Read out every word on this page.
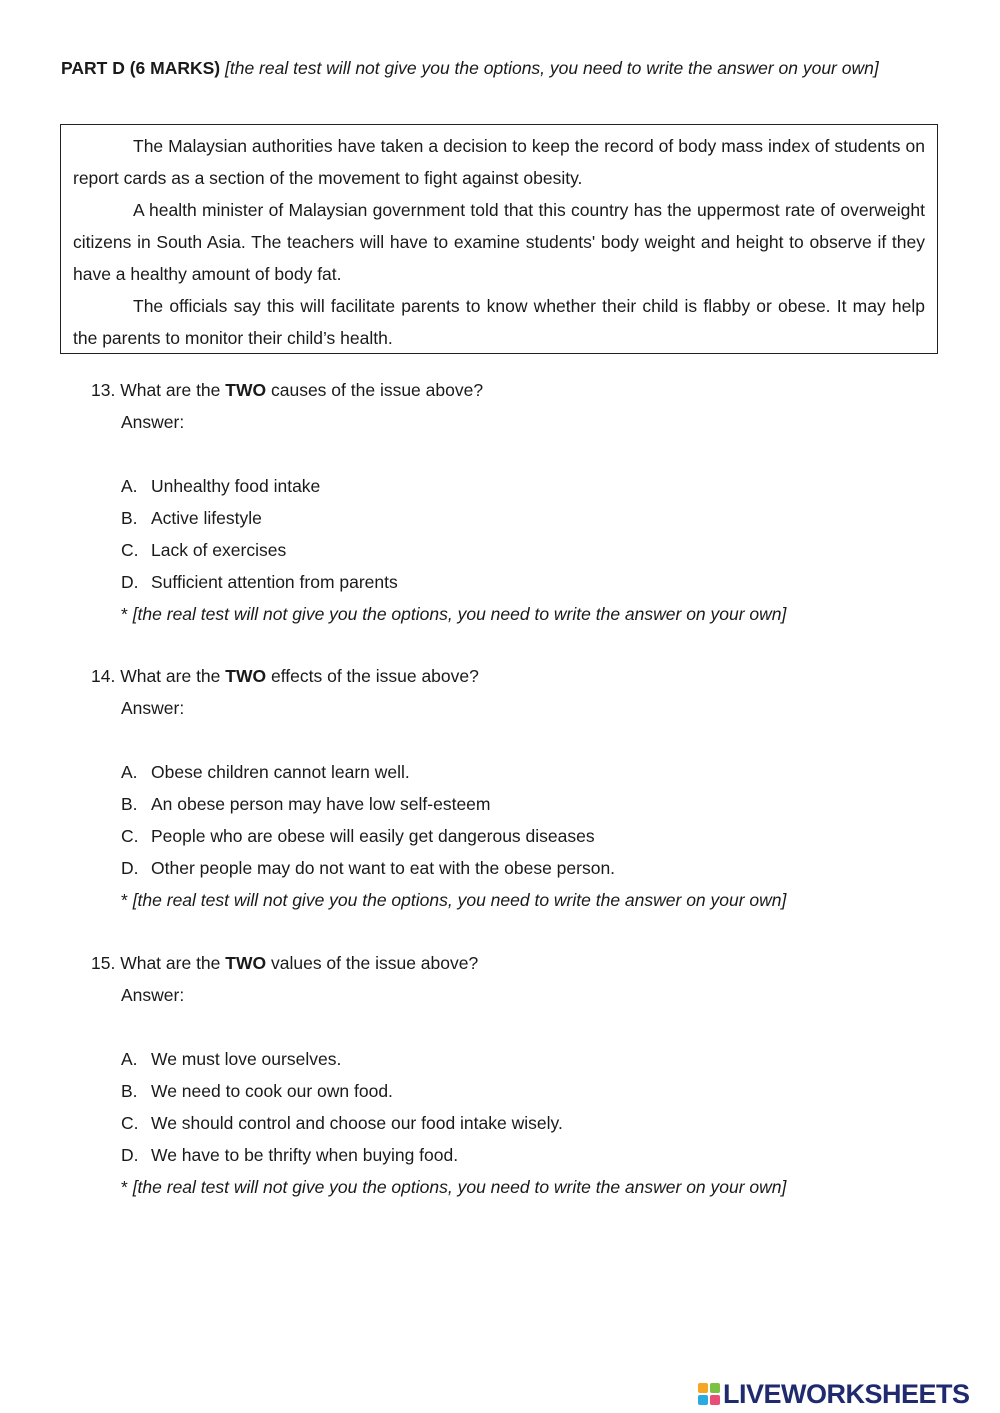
PART D (6 MARKS) [the real test will not give you the options, you need to write the answer on your own]

The Malaysian authorities have taken a decision to keep the record of body mass index of students on report cards as a section of the movement to fight against obesity.

A health minister of Malaysian government told that this country has the uppermost rate of overweight citizens in South Asia. The teachers will have to examine students' body weight and height to observe if they have a healthy amount of body fat.

The officials say this will facilitate parents to know whether their child is flabby or obese. It may help the parents to monitor their child’s health.

13. What are the TWO causes of the issue above?
Answer:
A. Unhealthy food intake
B. Active lifestyle
C. Lack of exercises
D. Sufficient attention from parents
* [the real test will not give you the options, you need to write the answer on your own]
14. What are the TWO effects of the issue above?
Answer:
A. Obese children cannot learn well.
B. An obese person may have low self-esteem
C. People who are obese will easily get dangerous diseases
D. Other people may do not want to eat with the obese person.
* [the real test will not give you the options, you need to write the answer on your own]
15. What are the TWO values of the issue above?
Answer:
A. We must love ourselves.
B. We need to cook our own food.
C. We should control and choose our food intake wisely.
D. We have to be thrifty when buying food.
* [the real test will not give you the options, you need to write the answer on your own]
LIVEWORKSHEETS
